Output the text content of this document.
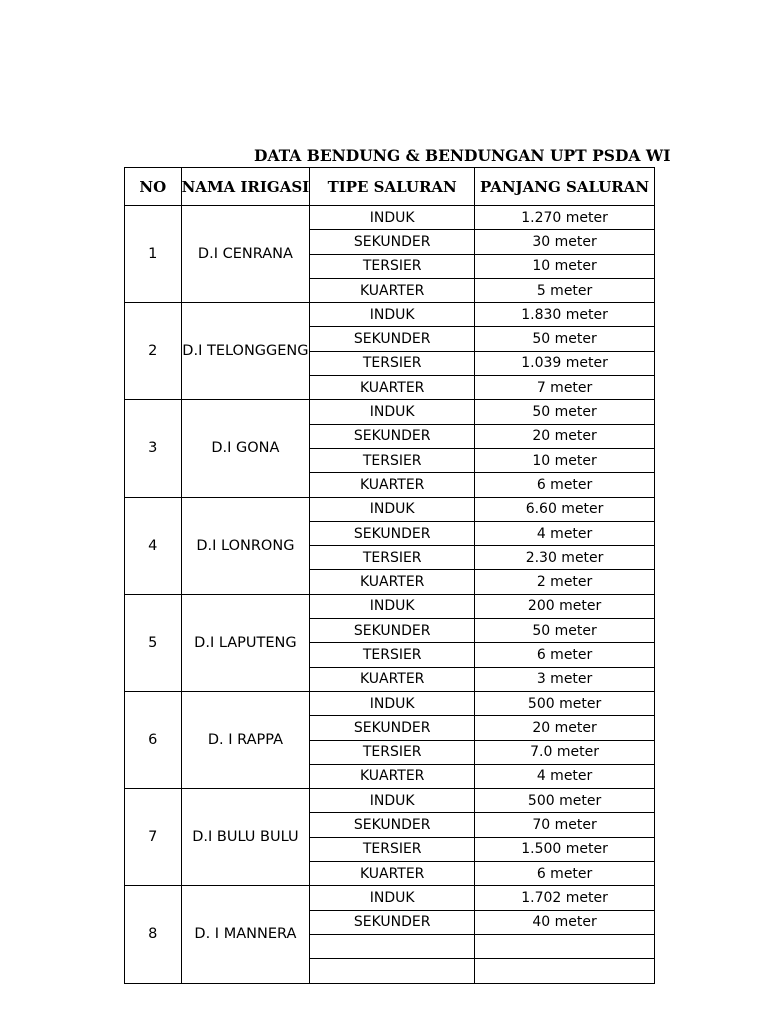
DATA BENDUNG & BENDUNGAN UPT PSDA WI
NO	NAMA IRIGASI	TIPE SALURAN	PANJANG SALURAN
1	D.I CENRANA	INDUK	1.270 meter
		SEKUNDER	30 meter
		TERSIER	10 meter
		KUARTER	5 meter
2	D.I TELONGGENG	INDUK	1.830 meter
		SEKUNDER	50 meter
		TERSIER	1.039 meter
		KUARTER	7 meter
3	D.I GONA	INDUK	50 meter
		SEKUNDER	20 meter
		TERSIER	10 meter
		KUARTER	6 meter
4	D.I LONRONG	INDUK	6.60 meter
		SEKUNDER	4 meter
		TERSIER	2.30 meter
		KUARTER	2 meter
5	D.I LAPUTENG	INDUK	200 meter
		SEKUNDER	50 meter
		TERSIER	6 meter
		KUARTER	3 meter
6	D. I RAPPA	INDUK	500 meter
		SEKUNDER	20 meter
		TERSIER	7.0 meter
		KUARTER	4 meter
7	D.I BULU BULU	INDUK	500 meter
		SEKUNDER	70 meter
		TERSIER	1.500 meter
		KUARTER	6 meter
8	D. I MANNERA	INDUK	1.702 meter
		SEKUNDER	40 meter
